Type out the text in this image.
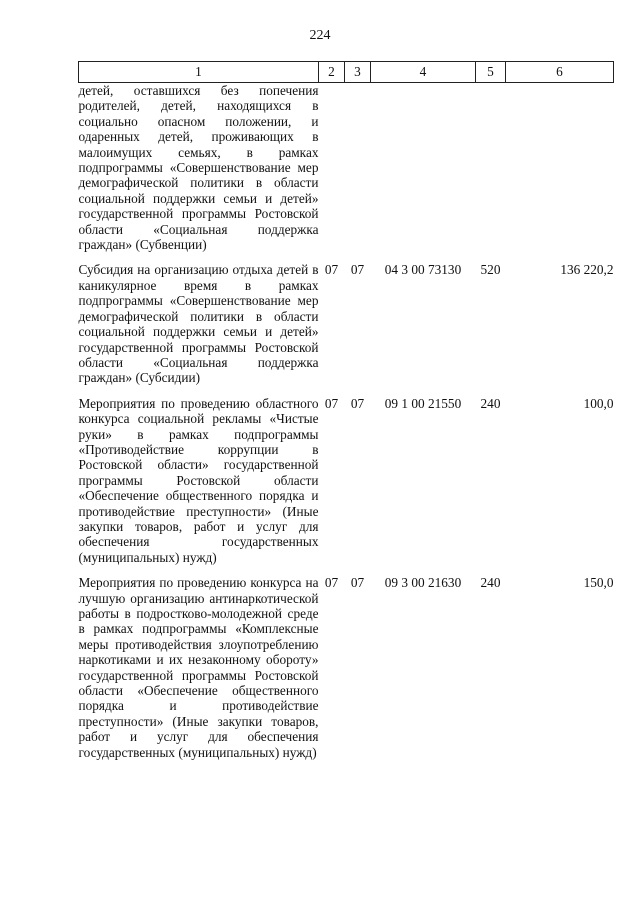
224
1	2	3	4	5	6
детей, оставшихся без попечения родителей, детей, находящихся в социально опасном положении, и одаренных детей, проживающих в малоимущих семьях, в рамках подпрограммы «Совершенствование мер демографической политики в области социальной поддержки семьи и детей» государственной программы Ростовской области «Социальная поддержка граждан» (Субвенции)					
Субсидия на организацию отдыха детей в каникулярное время в рамках подпрограммы «Совершенствование мер демографической политики в области социальной поддержки семьи и детей» государственной программы Ростовской области «Социальная поддержка граждан» (Субсидии)	07	07	04 3 00 73130	520	136 220,2
Мероприятия по проведению областного конкурса социальной рекламы «Чистые руки» в рамках подпрограммы «Противодействие коррупции в Ростовской области» государственной программы Ростовской области «Обеспечение общественного порядка и противодействие преступности» (Иные закупки товаров, работ и услуг для обеспечения государственных (муниципальных) нужд)	07	07	09 1 00 21550	240	100,0
Мероприятия по проведению конкурса на лучшую организацию антинаркотической работы в подростково-молодежной среде в рамках подпрограммы «Комплексные меры противодействия злоупотреблению наркотиками и их незаконному обороту» государственной программы Ростовской области «Обеспечение общественного порядка и противодействие преступности» (Иные закупки товаров, работ и услуг для обеспечения государственных (муниципальных) нужд)	07	07	09 3 00 21630	240	150,0
